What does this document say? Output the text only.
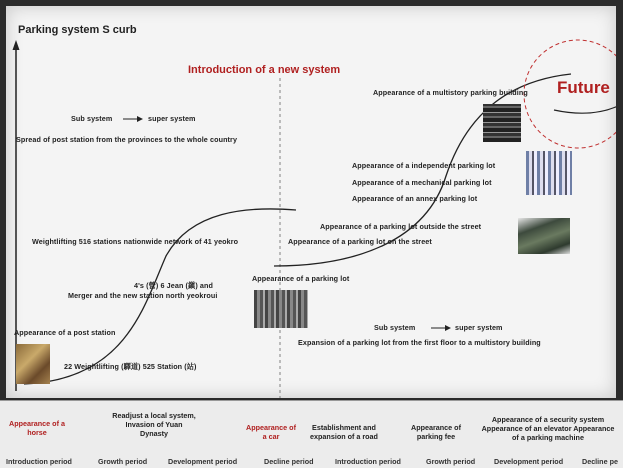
Parking system S curb
Introduction of a new system
Future
Sub system	super system
Spread of post station from the provinces to the whole country
Weightlifting 516 stations nationwide network of 41 yeokro
4's (營) 6 Jean (鎭) and
Merger and the new station north yeokroui
Appearance of a post station
22 Weightlifting (驛道) 525 Station (站)
Appearance of a multistory parking building
Appearance of a independent parking lot
Appearance of a mechanical parking lot
Appearance of an annex parking lot
Appearance of a parking lot outside the street
Appearance of a parking lot on the street
Appearance of a parking lot
Sub system	super system
Expansion of a parking lot from the first floor to a multistory building
Appearance of a horse
Readjust a local system, Invasion of Yuan Dynasty
Appearance of a car
Establishment and expansion of a road
Appearance of parking fee
Appearance of a security system Appearance of an elevator Appearance of a parking machine
Introduction period	Growth period	Development period	Decline period	Introduction period	Growth period	Development period	Decline pe
